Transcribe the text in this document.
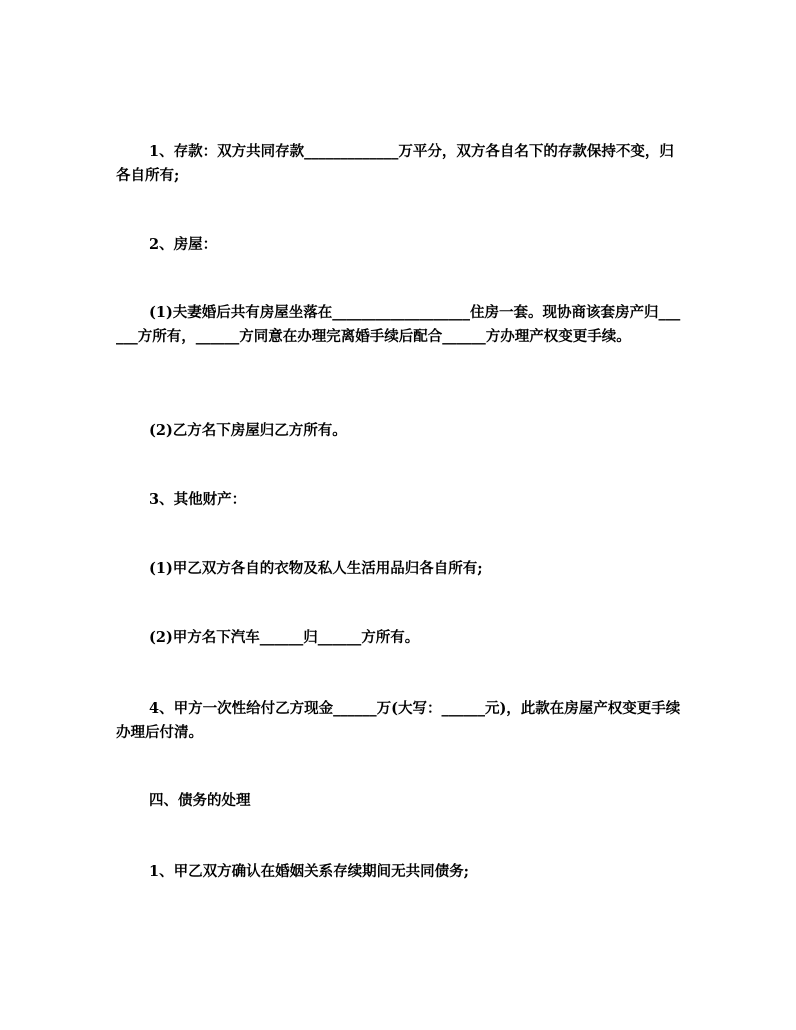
1、存款：双方共同存款_____________万平分，双方各自名下的存款保持不变，归各自所有;

2、房屋：

(1)夫妻婚后共有房屋坐落在___________________住房一套。现协商该套房产归______方所有，______方同意在办理完离婚手续后配合______方办理产权变更手续。

(2)乙方名下房屋归乙方所有。

3、其他财产：

(1)甲乙双方各自的衣物及私人生活用品归各自所有;

(2)甲方名下汽车______归______方所有。

4、甲方一次性给付乙方现金______万(大写：______元)，此款在房屋产权变更手续办理后付清。

四、债务的处理

1、甲乙双方确认在婚姻关系存续期间无共同债务;
